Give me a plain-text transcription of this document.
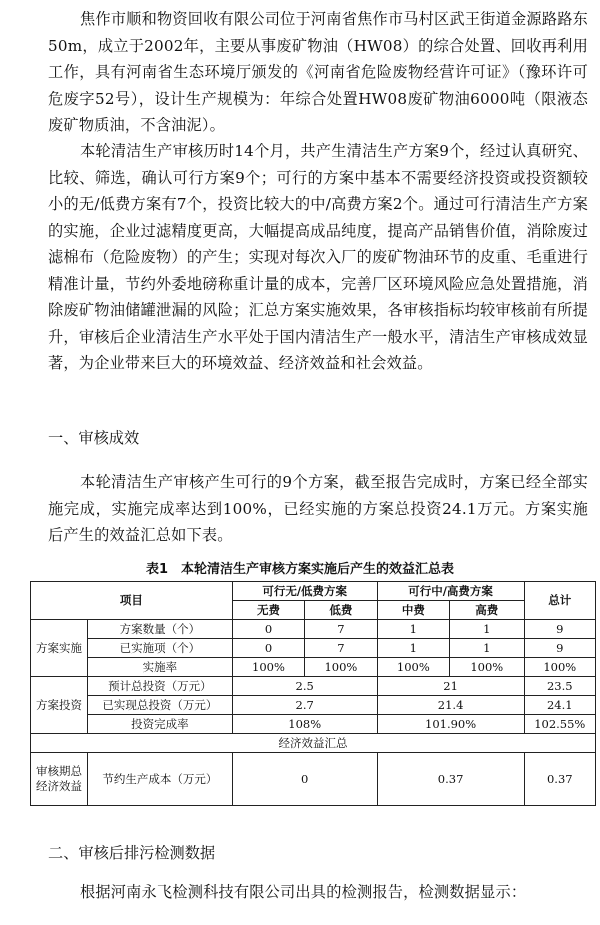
焦作市顺和物资回收有限公司位于河南省焦作市马村区武王街道金源路路东50m，成立于2002年，主要从事废矿物油（HW08）的综合处置、回收再利用工作，具有河南省生态环境厅颁发的《河南省危险废物经营许可证》（豫环许可危废字52号），设计生产规模为：年综合处置HW08废矿物油6000吨（限液态废矿物质油，不含油泥）。

本轮清洁生产审核历时14个月，共产生清洁生产方案9个，经过认真研究、比较、筛选，确认可行方案9个；可行的方案中基本不需要经济投资或投资额较小的无/低费方案有7个，投资比较大的中/高费方案2个。通过可行清洁生产方案的实施，企业过滤精度更高，大幅提高成品纯度，提高产品销售价值，消除废过滤棉布（危险废物）的产生；实现对每次入厂的废矿物油环节的皮重、毛重进行精准计量，节约外委地磅称重计量的成本，完善厂区环境风险应急处置措施，消除废矿物油储罐泄漏的风险；汇总方案实施效果，各审核指标均较审核前有所提升，审核后企业清洁生产水平处于国内清洁生产一般水平，清洁生产审核成效显著，为企业带来巨大的环境效益、经济效益和社会效益。

一、审核成效

本轮清洁生产审核产生可行的9个方案，截至报告完成时，方案已经全部实施完成，实施完成率达到100%，已经实施的方案总投资24.1万元。方案实施后产生的效益汇总如下表。

表1　本轮清洁生产审核方案实施后产生的效益汇总表
项目		可行无/低费方案		可行中/高费方案		总计
		无费	低费	中费	高费	
方案实施	方案数量（个）	0	7	1	1	9
	已实施项（个）	0	7	1	1	9
	实施率	100%	100%	100%	100%	100%
方案投资	预计总投资（万元）	2.5		21		23.5
	已实现总投资（万元）	2.7		21.4		24.1
	投资完成率	108%		101.90%		102.55%
经济效益汇总						
审核期总经济效益	节约生产成本（万元）	0		0.37		0.37

二、审核后排污检测数据

根据河南永飞检测科技有限公司出具的检测报告，检测数据显示：
